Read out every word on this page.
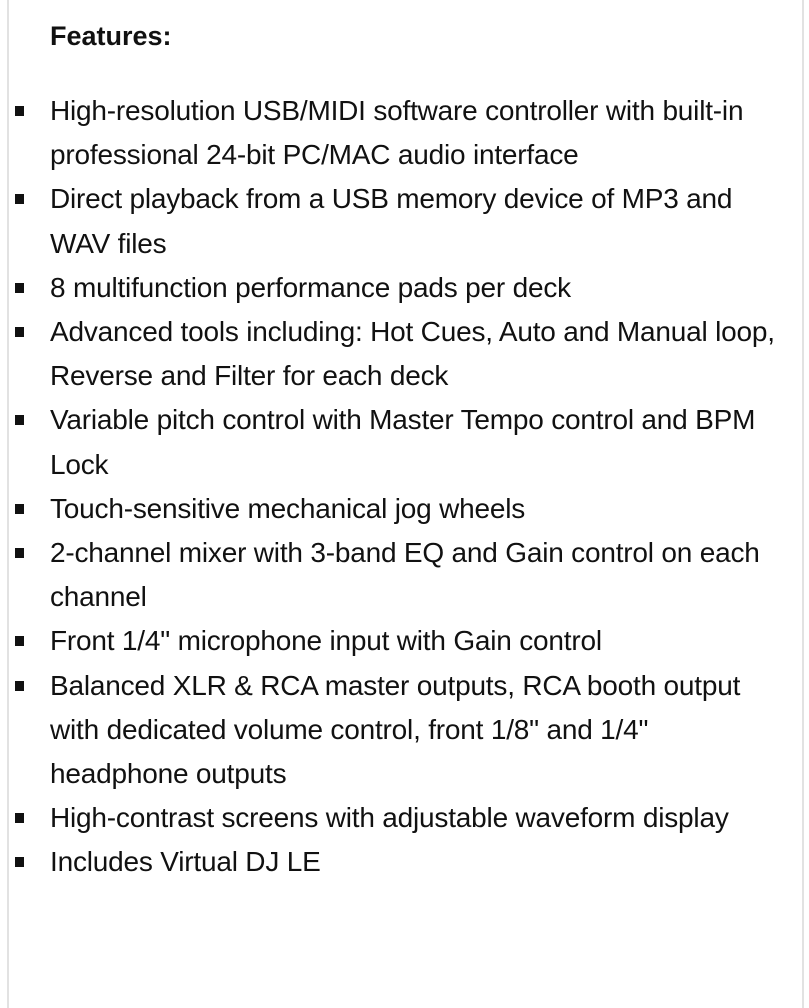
Features:
High-resolution USB/MIDI software controller with built-in professional 24-bit PC/MAC audio interface
Direct playback from a USB memory device of MP3 and WAV files
8 multifunction performance pads per deck
Advanced tools including: Hot Cues, Auto and Manual loop, Reverse and Filter for each deck
Variable pitch control with Master Tempo control and BPM Lock
Touch-sensitive mechanical jog wheels
2-channel mixer with 3-band EQ and Gain control on each channel
Front 1/4" microphone input with Gain control
Balanced XLR & RCA master outputs, RCA booth output with dedicated volume control, front 1/8" and 1/4" headphone outputs
High-contrast screens with adjustable waveform display
Includes Virtual DJ LE
